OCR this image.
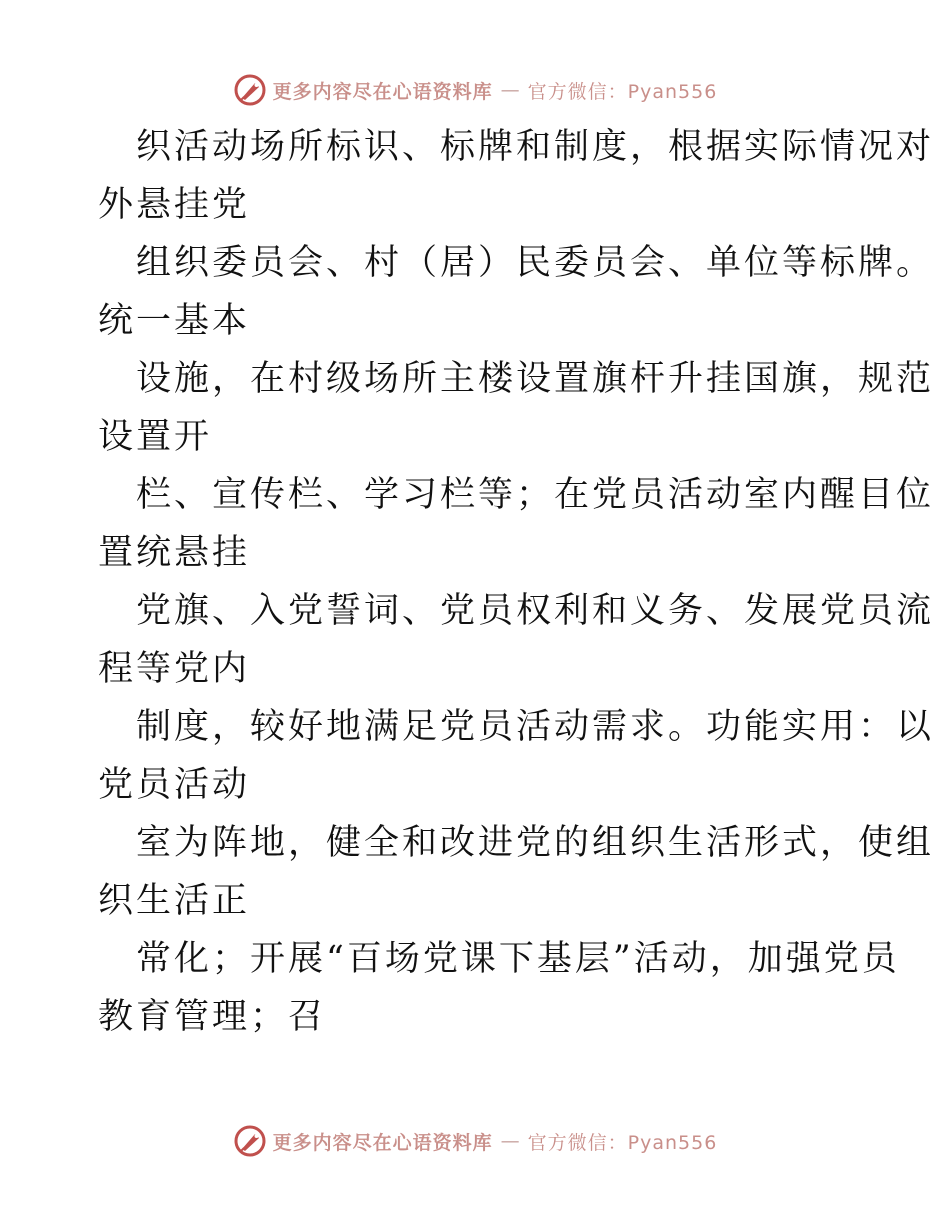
更多内容尽在心语资料库 — 官方微信：Pyan556
织活动场所标识、标牌和制度，根据实际情况对
外悬挂党
组织委员会、村（居）民委员会、单位等标牌。
统一基本
设施，在村级场所主楼设置旗杆升挂国旗，规范
设置开
栏、宣传栏、学习栏等；在党员活动室内醒目位
置统悬挂
党旗、入党誓词、党员权利和义务、发展党员流
程等党内
制度，较好地满足党员活动需求。功能实用：以
党员活动
室为阵地，健全和改进党的组织生活形式，使组
织生活正
常化；开展“百场党课下基层”活动，加强党员
教育管理；召
更多内容尽在心语资料库 — 官方微信：Pyan556
